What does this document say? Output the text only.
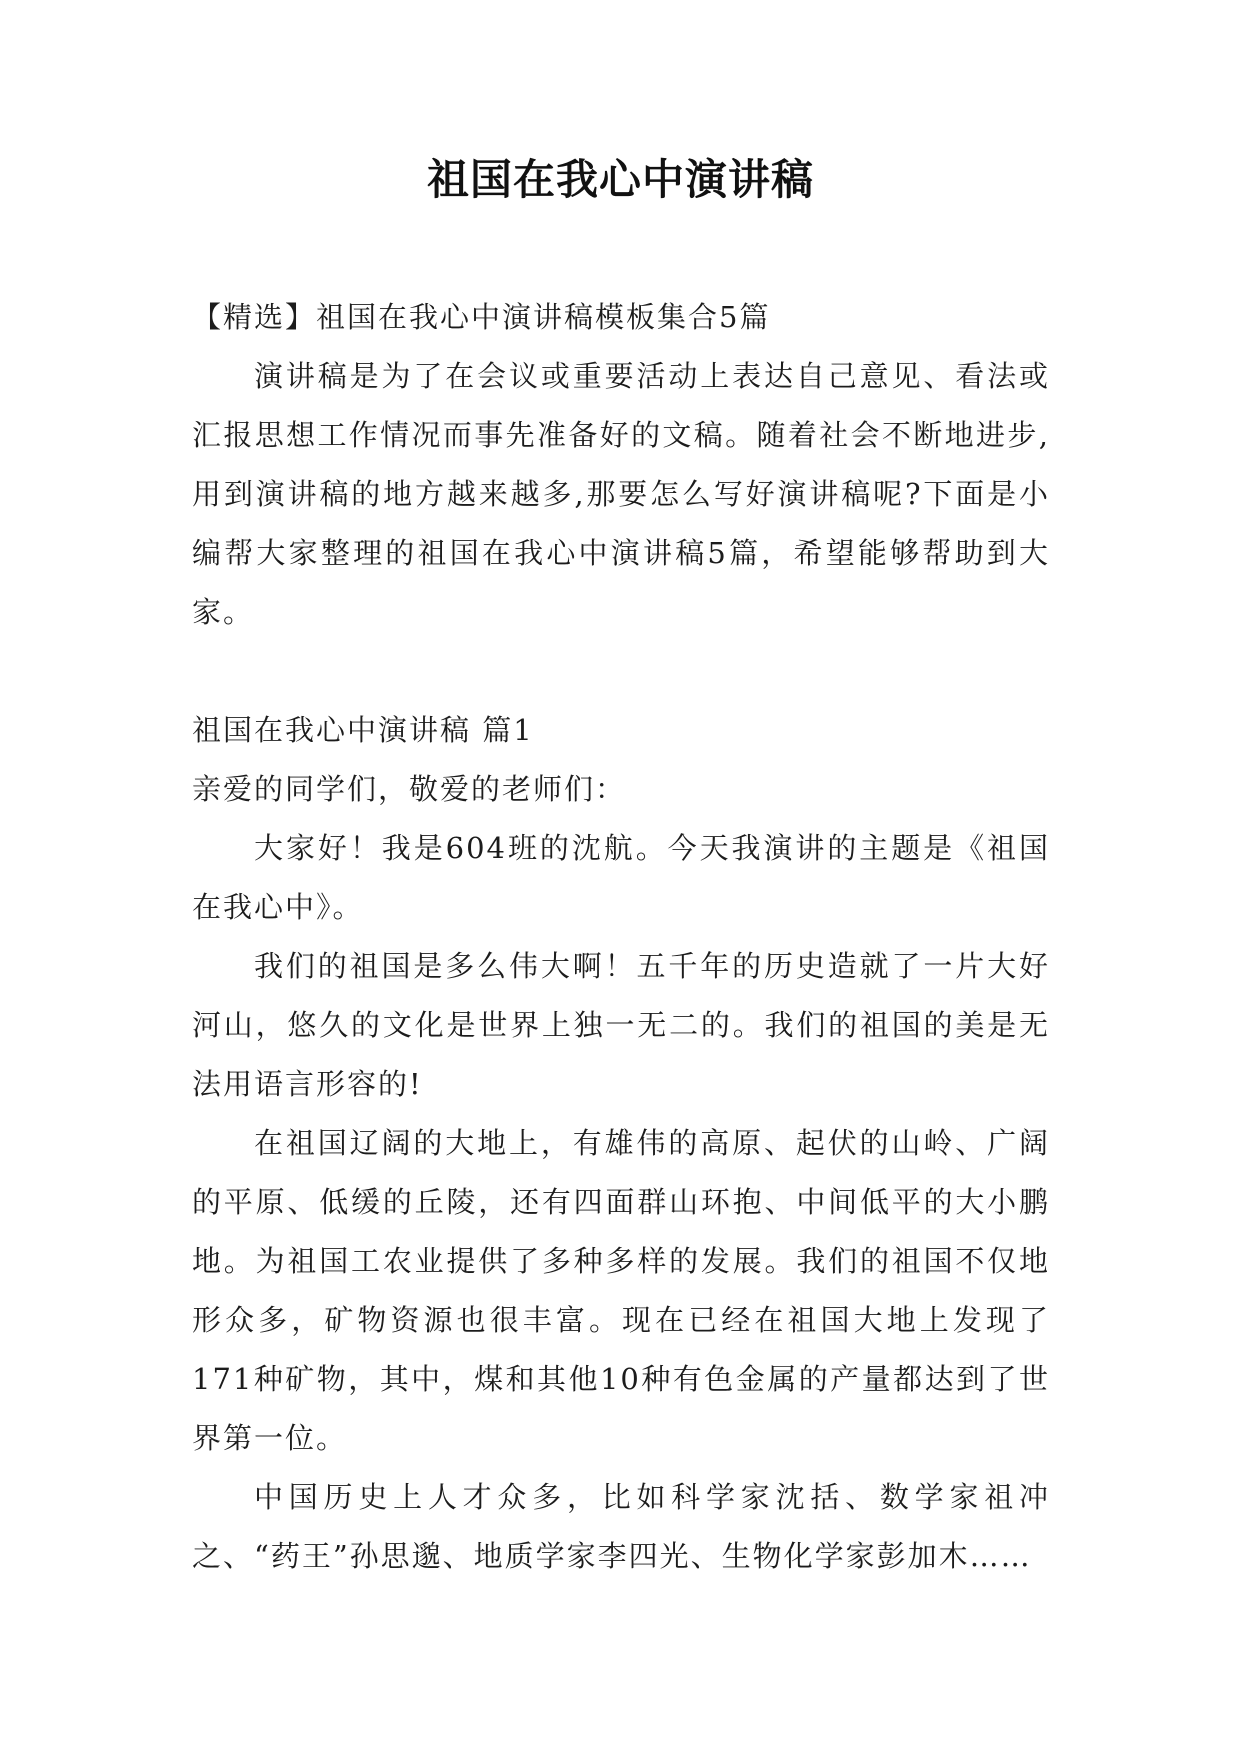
祖国在我心中演讲稿

【精选】祖国在我心中演讲稿模板集合5篇

演讲稿是为了在会议或重要活动上表达自己意见、看法或汇报思想工作情况而事先准备好的文稿。随着社会不断地进步,用到演讲稿的地方越来越多,那要怎么写好演讲稿呢?下面是小编帮大家整理的祖国在我心中演讲稿5篇，希望能够帮助到大家。

祖国在我心中演讲稿 篇1

亲爱的同学们，敬爱的老师们：

大家好！我是604班的沈航。今天我演讲的主题是《祖国在我心中》。

我们的祖国是多么伟大啊！五千年的历史造就了一片大好河山，悠久的文化是世界上独一无二的。我们的祖国的美是无法用语言形容的!

在祖国辽阔的大地上，有雄伟的高原、起伏的山岭、广阔的平原、低缓的丘陵，还有四面群山环抱、中间低平的大小鹏地。为祖国工农业提供了多种多样的发展。我们的祖国不仅地形众多，矿物资源也很丰富。现在已经在祖国大地上发现了171种矿物，其中，煤和其他10种有色金属的产量都达到了世界第一位。

中国历史上人才众多，比如科学家沈括、数学家祖冲之、“药王”孙思邈、地质学家李四光、生物化学家彭加木……
